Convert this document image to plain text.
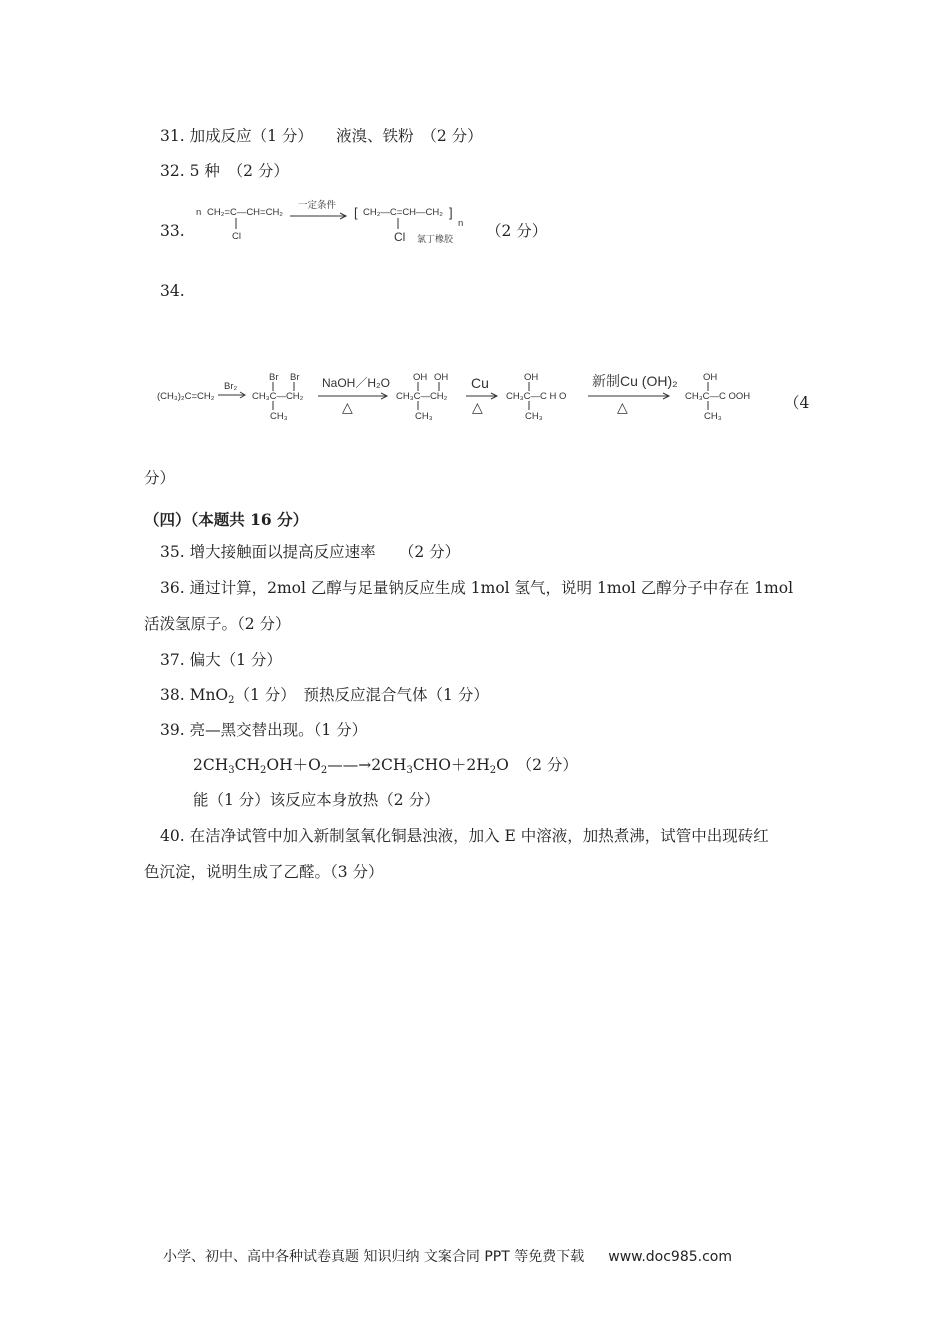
31. 加成反应（1 分）　　液溴、铁粉　（2 分）
32. 5 种　（2 分）
33.
n CH₂=C—CH=CH₂
Cl
一定条件 → [ CH₂—C=CH—CH₂ ]
n
Cl 氯丁橡胶 （2 分）
34.
(CH₃)₂C=CH₂
Br₂
Br Br
CH₃C—CH₂
CH₃
NaOH／H₂O
△
OH OH
CH₃C—CH₂
CH₃
Cu
△
OH
CH₃C—C H O
CH₃
新制Cu (OH)₂
△
OH
CH₃C—C OOH
CH₃
（4
分）
（四）（本题共 16 分）
35. 增大接触面以提高反应速率　　（2 分）
36. 通过计算，2mol 乙醇与足量钠反应生成 1mol 氢气，说明 1mol 乙醇分子中存在 1mol
活泼氢原子。（2 分）
37. 偏大（1 分）
38. MnO$_2$（1 分）　预热反应混合气体（1 分）
39. 亮—黑交替出现。（1 分）
$2CH_3CH_2OH+O_2——\to 2CH_3CHO+2H_2O$　（2 分）
能（1 分）该反应本身放热（2 分）
40. 在洁净试管中加入新制氢氧化铜悬浊液，加入 E 中溶液，加热煮沸，试管中出现砖红
色沉淀，说明生成了乙醛。（3 分）
小学、初中、高中各种试卷真题 知识归纳 文案合同 PPT 等免费下载 www.doc985.com
